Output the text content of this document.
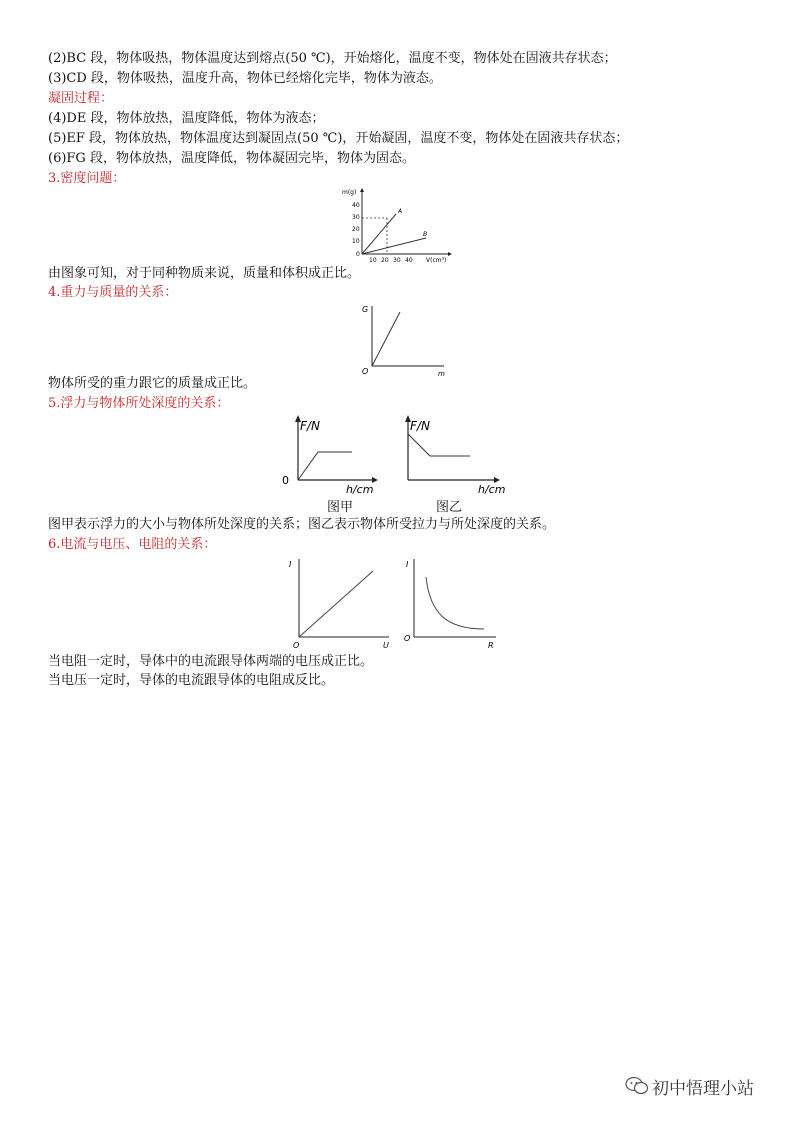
(2)BC 段，物体吸热，物体温度达到熔点(50 ℃)，开始熔化，温度不变，物体处在固液共存状态；
(3)CD 段，物体吸热，温度升高，物体已经熔化完毕，物体为液态。
凝固过程：
(4)DE 段，物体放热，温度降低，物体为液态；
(5)EF 段，物体放热，物体温度达到凝固点(50 ℃)，开始凝固，温度不变，物体处在固液共存状态；
(6)FG 段，物体放热，温度降低，物体凝固完毕，物体为固态。
3.密度问题：
m(g)
V(cm³)
40
30
20
10
0
10 20 30 40
A
B
由图象可知，对于同种物质来说，质量和体积成正比。
4.重力与质量的关系：
G
O	m
物体所受的重力跟它的质量成正比。
5.浮力与物体所处深度的关系：
F/N
0
h/cm
图甲
F/N
h/cm
图乙
图甲表示浮力的大小与物体所处深度的关系；图乙表示物体所受拉力与所处深度的关系。
6.电流与电压、电阻的关系：
I
O	U
I
O
R
当电阻一定时，导体中的电流跟导体两端的电压成正比。
当电压一定时，导体的电流跟导体的电阻成反比。
初中悟理小站
